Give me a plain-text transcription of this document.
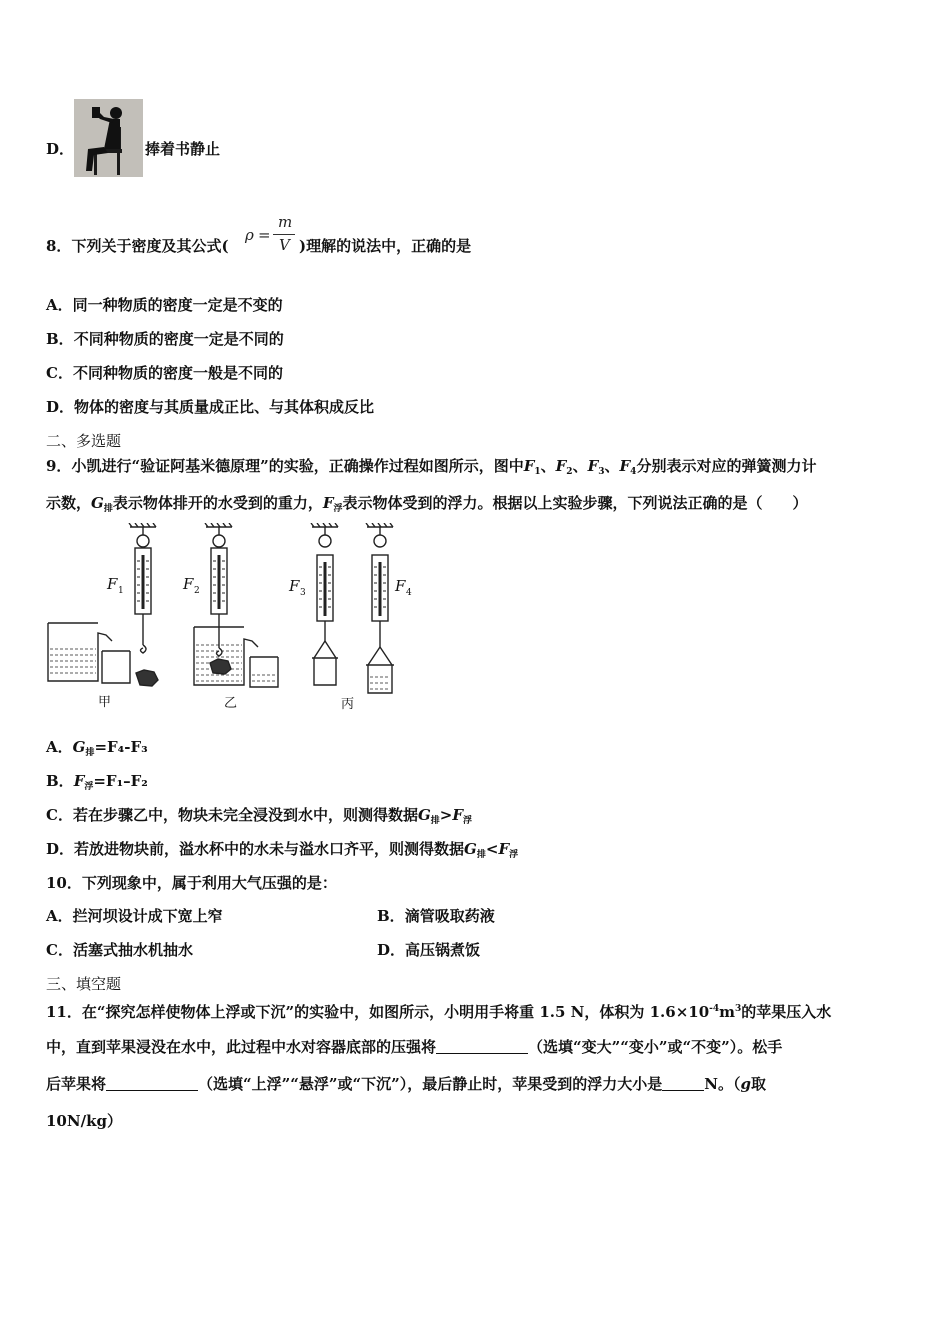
D．	捧着书静止
8．下列关于密度及其公式(
ρ =
m
V )理解的说法中，正确的是
A．同一种物质的密度一定是不变的
B．不同种物质的密度一定是不同的
C．不同种物质的密度一般是不同的
D．物体的密度与其质量成正比、与其体积成反比
二、多选题
9．小凯进行“验证阿基米德原理”的实验，正确操作过程如图所示，图中$F_1$、$F_2$、$F_3$、$F_4$分别表示对应的弹簧测力计
示数，$G_排$表示物体排开的水受到的重力，$F_浮$表示物体受到的浮力。根据以上实验步骤，下列说法正确的是（　　）
F 1	F 2	F 3	F 4
甲	乙	丙
A．$G_排=F_4-F_3$
B．$F_浮=F_1-F_2$
C．若在步骤乙中，物块未完全浸没到水中，则测得数据$G_排>F_浮$
D．若放进物块前，溢水杯中的水未与溢水口齐平，则测得数据$G_排<F_浮$
10．下列现象中，属于利用大气压强的是：
A．拦河坝设计成下宽上窄	B．滴管吸取药液
C．活塞式抽水机抽水	D．高压锅煮饭
三、填空题
11．在“探究怎样使物体上浮或下沉”的实验中，如图所示，小明用手将重 1.5 N，体积为 $1.6\times 10^{-4}m^3$的苹果压入水
中，直到苹果浸没在水中，此过程中水对容器底部的压强将	（选填“变大”“变小”或“不变”）。松手
后苹果将	（选填“上浮”“悬浮”或“下沉”），最后静止时，苹果受到的浮力大小是	N。（g取
10N/kg）
